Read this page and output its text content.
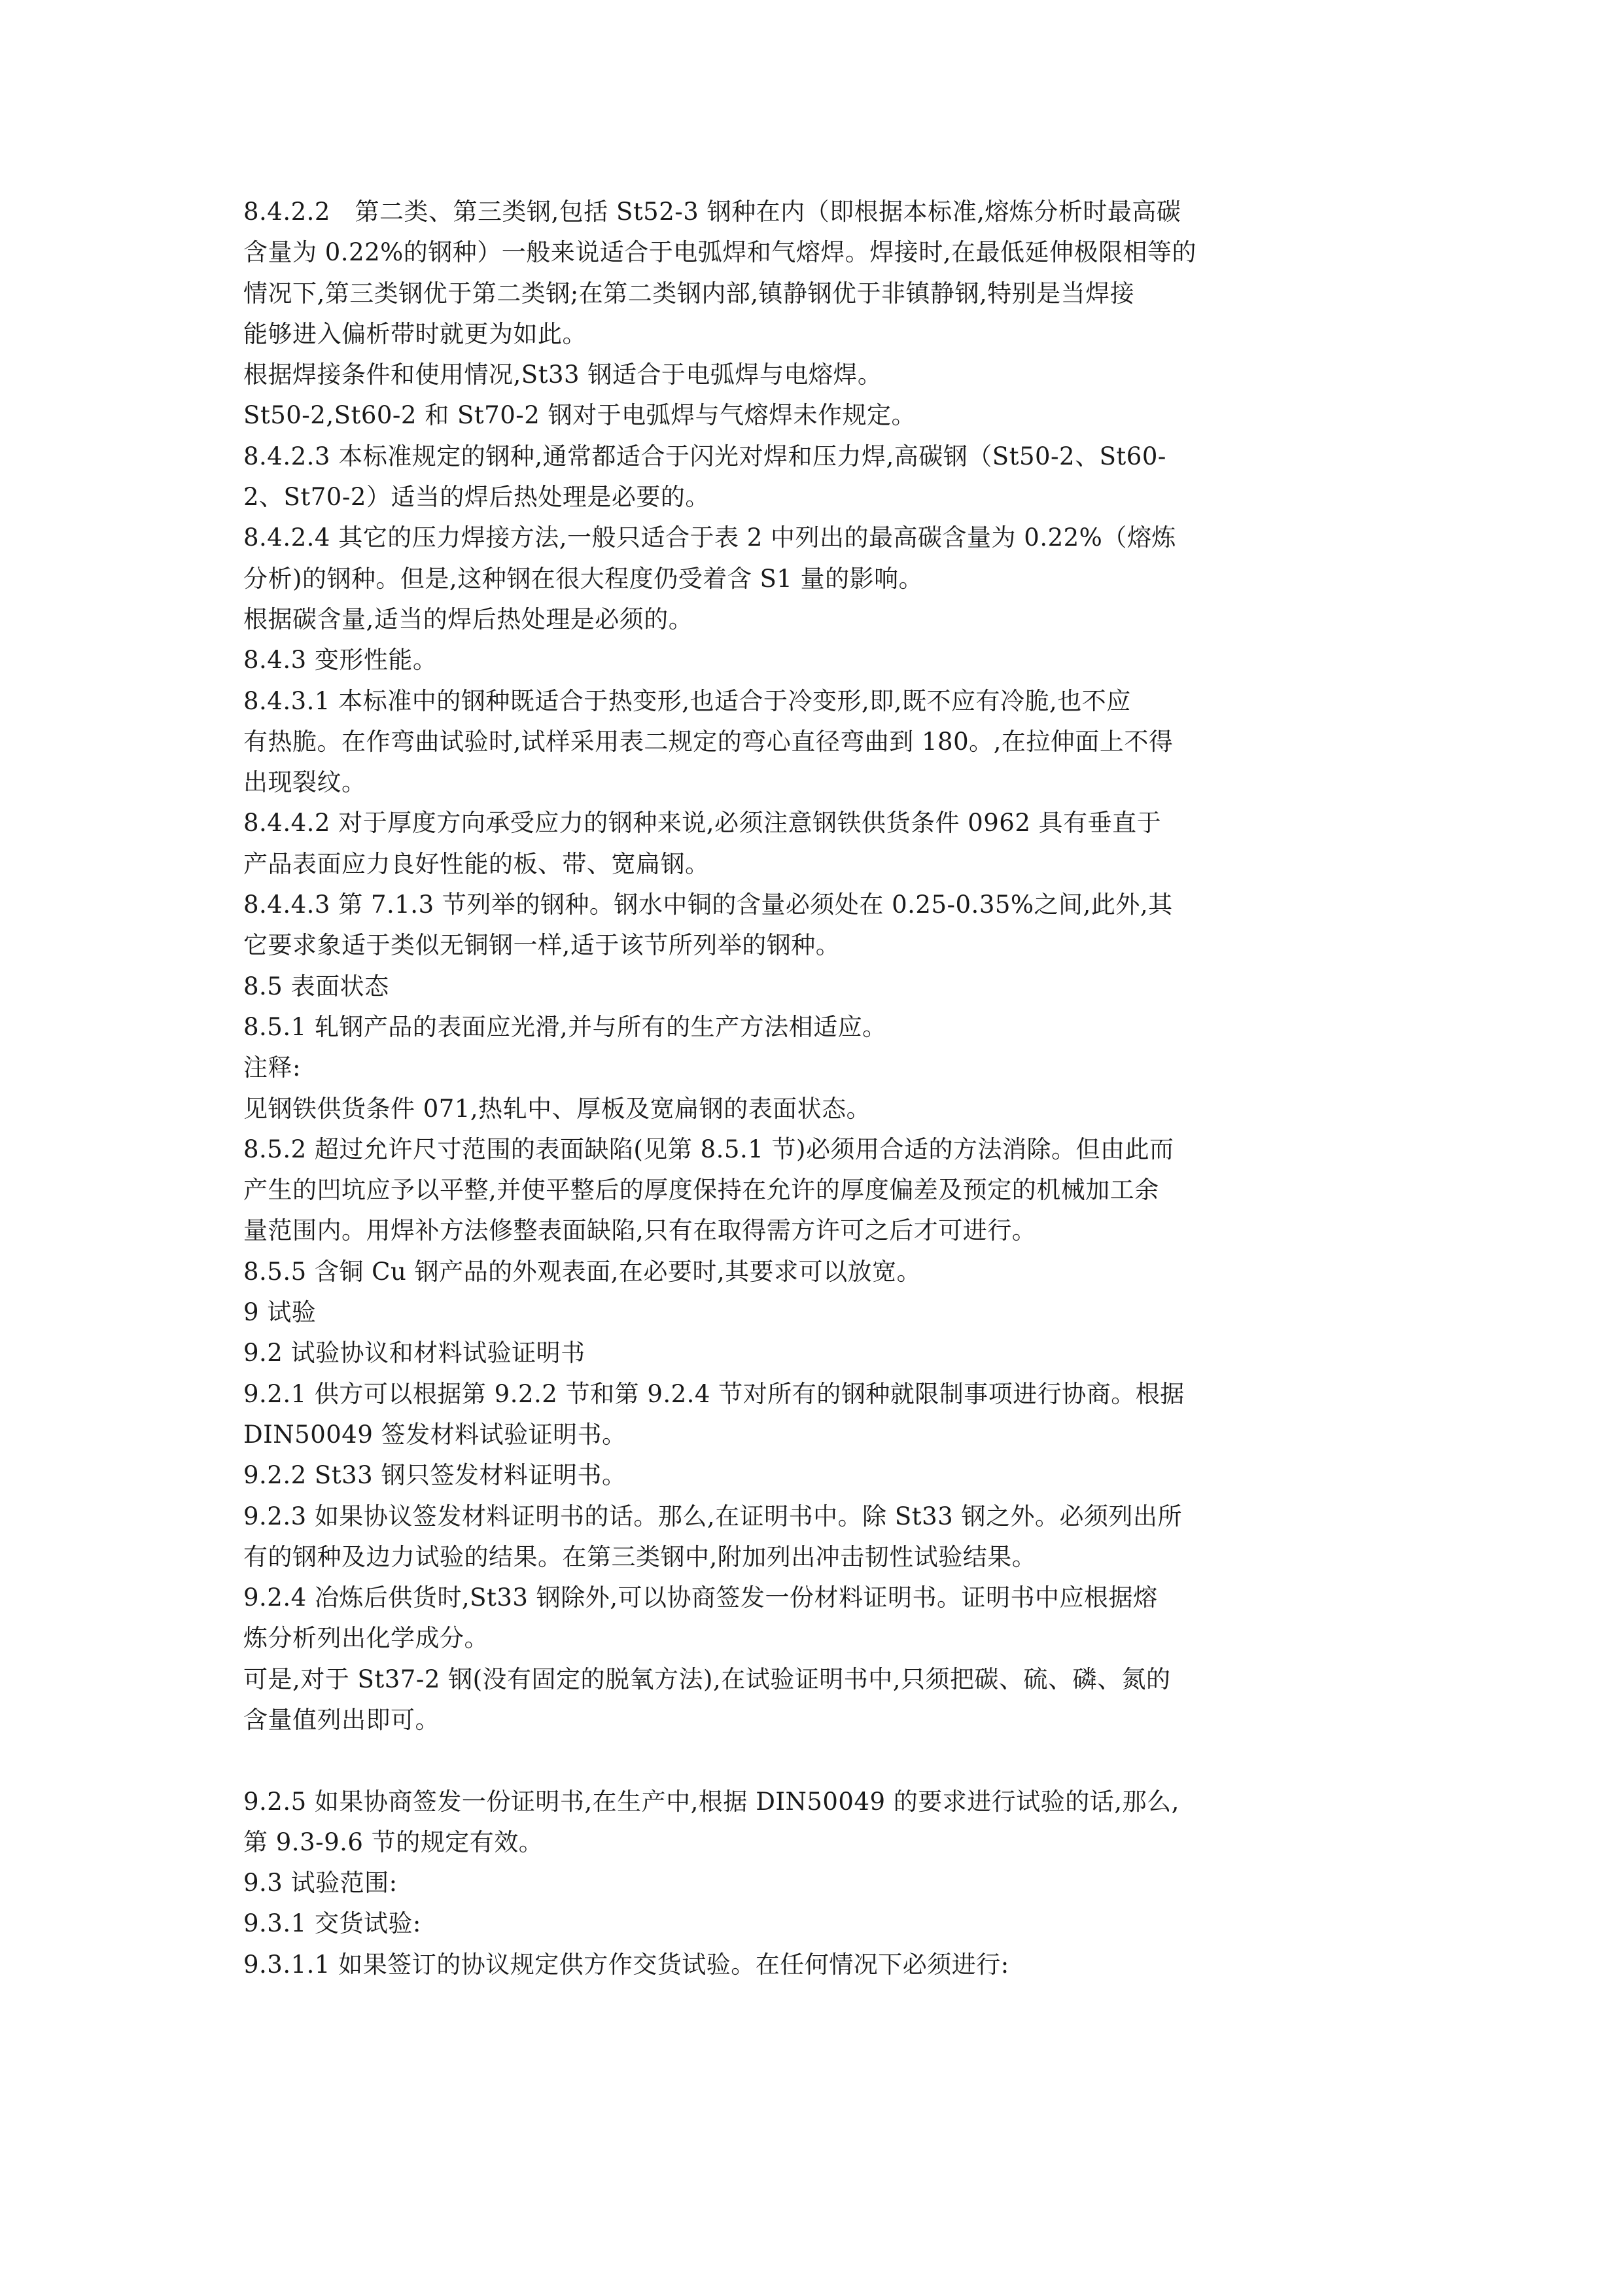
8.4.2.2　第二类、第三类钢,包括 St52-3 钢种在内（即根据本标准,熔炼分析时最高碳
含量为 0.22%的钢种）一般来说适合于电弧焊和气熔焊。焊接时,在最低延伸极限相等的
情况下,第三类钢优于第二类钢;在第二类钢内部,镇静钢优于非镇静钢,特别是当焊接
能够进入偏析带时就更为如此。
根据焊接条件和使用情况,St33 钢适合于电弧焊与电熔焊。
St50-2,St60-2 和 St70-2 钢对于电弧焊与气熔焊未作规定。
8.4.2.3 本标准规定的钢种,通常都适合于闪光对焊和压力焊,高碳钢（St50-2、St60-
2、St70-2）适当的焊后热处理是必要的。
8.4.2.4 其它的压力焊接方法,一般只适合于表 2 中列出的最高碳含量为 0.22%（熔炼
分析)的钢种。但是,这种钢在很大程度仍受着含 S1 量的影响。
根据碳含量,适当的焊后热处理是必须的。
8.4.3 变形性能。
8.4.3.1 本标准中的钢种既适合于热变形,也适合于冷变形,即,既不应有冷脆,也不应
有热脆。在作弯曲试验时,试样采用表二规定的弯心直径弯曲到 180。,在拉伸面上不得
出现裂纹。
8.4.4.2 对于厚度方向承受应力的钢种来说,必须注意钢铁供货条件 0962 具有垂直于
产品表面应力良好性能的板、带、宽扁钢。
8.4.4.3 第 7.1.3 节列举的钢种。钢水中铜的含量必须处在 0.25-0.35%之间,此外,其
它要求象适于类似无铜钢一样,适于该节所列举的钢种。
8.5 表面状态
8.5.1 轧钢产品的表面应光滑,并与所有的生产方法相适应。
注释:
见钢铁供货条件 071,热轧中、厚板及宽扁钢的表面状态。
8.5.2 超过允许尺寸范围的表面缺陷(见第 8.5.1 节)必须用合适的方法消除。但由此而
产生的凹坑应予以平整,并使平整后的厚度保持在允许的厚度偏差及预定的机械加工余
量范围内。用焊补方法修整表面缺陷,只有在取得需方许可之后才可进行。
8.5.5 含铜 Cu 钢产品的外观表面,在必要时,其要求可以放宽。
9 试验
9.2 试验协议和材料试验证明书
9.2.1 供方可以根据第 9.2.2 节和第 9.2.4 节对所有的钢种就限制事项进行协商。根据
DIN50049 签发材料试验证明书。
9.2.2 St33 钢只签发材料证明书。
9.2.3 如果协议签发材料证明书的话。那么,在证明书中。除 St33 钢之外。必须列出所
有的钢种及边力试验的结果。在第三类钢中,附加列出冲击韧性试验结果。
9.2.4 冶炼后供货时,St33 钢除外,可以协商签发一份材料证明书。证明书中应根据熔
炼分析列出化学成分。
可是,对于 St37-2 钢(没有固定的脱氧方法),在试验证明书中,只须把碳、硫、磷、氮的
含量值列出即可。
9.2.5 如果协商签发一份证明书,在生产中,根据 DIN50049 的要求进行试验的话,那么,
第 9.3-9.6 节的规定有效。
9.3 试验范围:
9.3.1 交货试验:
9.3.1.1 如果签订的协议规定供方作交货试验。在任何情况下必须进行:
